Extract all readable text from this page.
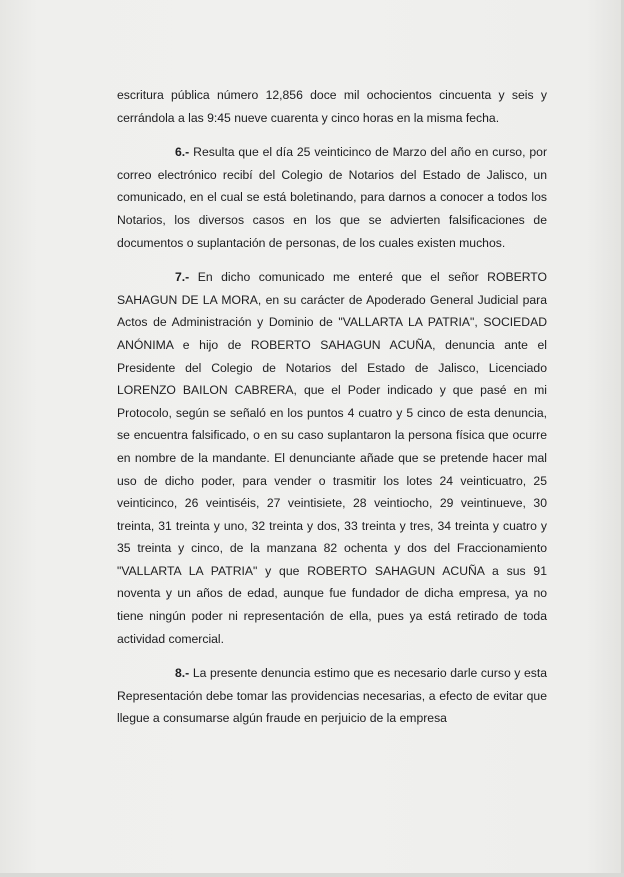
escritura pública número 12,856 doce mil ochocientos cincuenta y seis y cerrándola a las 9:45 nueve cuarenta y cinco horas en la misma fecha.

6.- Resulta que el día 25 veinticinco de Marzo del año en curso, por correo electrónico recibí del Colegio de Notarios del Estado de Jalisco, un comunicado, en el cual se está boletinando, para darnos a conocer a todos los Notarios, los diversos casos en los que se advierten falsificaciones de documentos o suplantación de personas, de los cuales existen muchos.

7.- En dicho comunicado me enteré que el señor ROBERTO SAHAGUN DE LA MORA, en su carácter de Apoderado General Judicial para Actos de Administración y Dominio de "VALLARTA LA PATRIA", SOCIEDAD ANÓNIMA e hijo de ROBERTO SAHAGUN ACUÑA, denuncia ante el Presidente del Colegio de Notarios del Estado de Jalisco, Licenciado LORENZO BAILON CABRERA, que el Poder indicado y que pasé en mi Protocolo, según se señaló en los puntos 4 cuatro y 5 cinco de esta denuncia, se encuentra falsificado, o en su caso suplantaron la persona física que ocurre en nombre de la mandante. El denunciante añade que se pretende hacer mal uso de dicho poder, para vender o trasmitir los lotes 24 veinticuatro, 25 veinticinco, 26 veintiséis, 27 veintisiete, 28 veintiocho, 29 veintinueve, 30 treinta, 31 treinta y uno, 32 treinta y dos, 33 treinta y tres, 34 treinta y cuatro y 35 treinta y cinco, de la manzana 82 ochenta y dos del Fraccionamiento "VALLARTA LA PATRIA" y que ROBERTO SAHAGUN ACUÑA a sus 91 noventa y un años de edad, aunque fue fundador de dicha empresa, ya no tiene ningún poder ni representación de ella, pues ya está retirado de toda actividad comercial.

8.- La presente denuncia estimo que es necesario darle curso y esta Representación debe tomar las providencias necesarias, a efecto de evitar que llegue a consumarse algún fraude en perjuicio de la empresa
